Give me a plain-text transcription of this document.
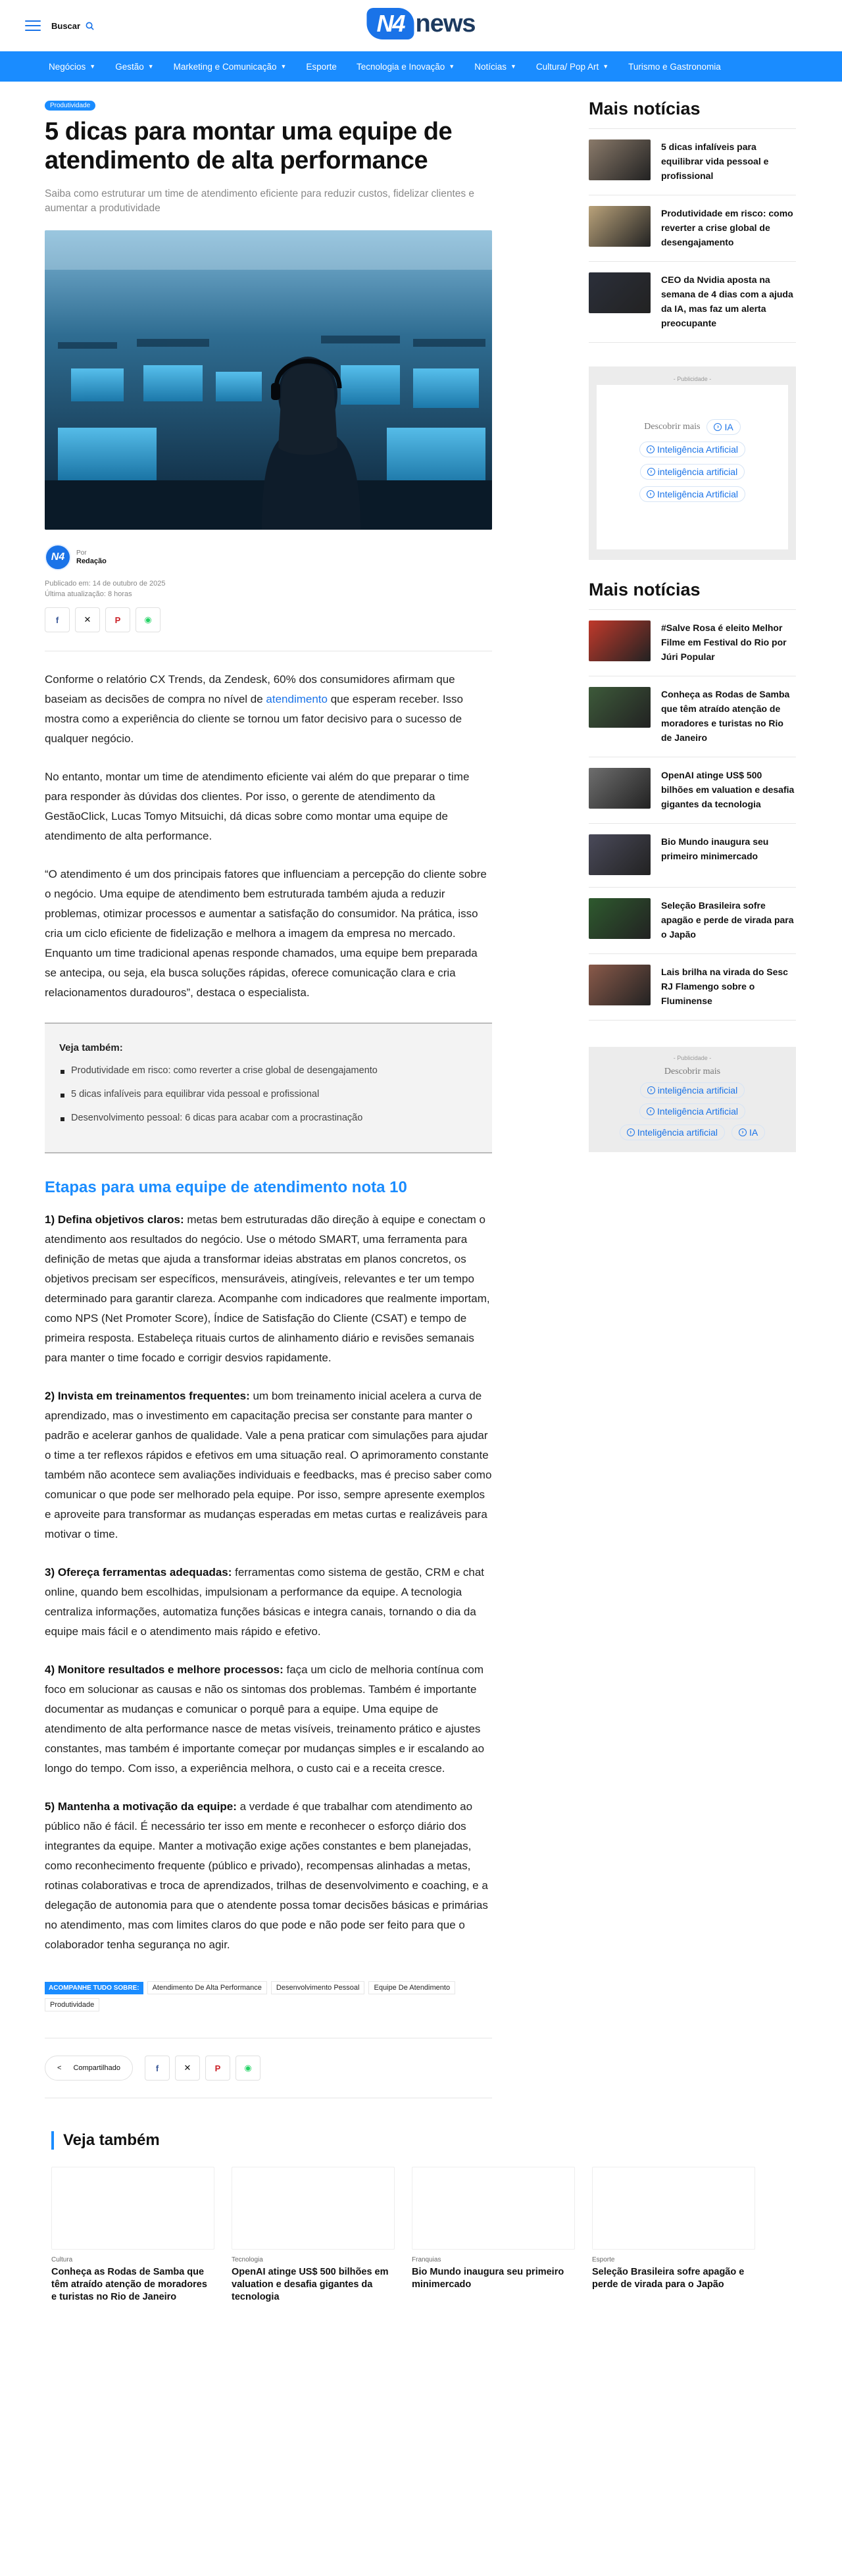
Buscar	N4 news
Negócios ▼ Gestão ▼ Marketing e Comunicação ▼ Esporte Tecnologia e Inovação ▼ Notícias ▼ Cultura/ Pop Art ▼ Turismo e Gastronomia
Produtividade
5 dicas para montar uma equipe de atendimento de alta performance

Saiba como estruturar um time de atendimento eficiente para reduzir custos, fidelizar clientes e aumentar a produtividade

N4	Por
Redação
Publicado em: 14 de outubro de 2025
Última atualização: 8 horas
f	✕	P	◉

Conforme o relatório CX Trends, da Zendesk, 60% dos consumidores afirmam que baseiam as decisões de compra no nível de atendimento que esperam receber. Isso mostra como a experiência do cliente se tornou um fator decisivo para o sucesso de qualquer negócio.

No entanto, montar um time de atendimento eficiente vai além do que preparar o time para responder às dúvidas dos clientes. Por isso, o gerente de atendimento da GestãoClick, Lucas Tomyo Mitsuichi, dá dicas sobre como montar uma equipe de atendimento de alta performance.

“O atendimento é um dos principais fatores que influenciam a percepção do cliente sobre o negócio. Uma equipe de atendimento bem estruturada também ajuda a reduzir problemas, otimizar processos e aumentar a satisfação do consumidor. Na prática, isso cria um ciclo eficiente de fidelização e melhora a imagem da empresa no mercado. Enquanto um time tradicional apenas responde chamados, uma equipe bem preparada se antecipa, ou seja, ela busca soluções rápidas, oferece comunicação clara e cria relacionamentos duradouros”, destaca o especialista.

Veja também:
Produtividade em risco: como reverter a crise global de desengajamento
5 dicas infalíveis para equilibrar vida pessoal e profissional
Desenvolvimento pessoal: 6 dicas para acabar com a procrastinação
Etapas para uma equipe de atendimento nota 10

1) Defina objetivos claros: metas bem estruturadas dão direção à equipe e conectam o atendimento aos resultados do negócio. Use o método SMART, uma ferramenta para definição de metas que ajuda a transformar ideias abstratas em planos concretos, os objetivos precisam ser específicos, mensuráveis, atingíveis, relevantes e ter um tempo determinado para garantir clareza. Acompanhe com indicadores que realmente importam, como NPS (Net Promoter Score), Índice de Satisfação do Cliente (CSAT) e tempo de primeira resposta. Estabeleça rituais curtos de alinhamento diário e revisões semanais para manter o time focado e corrigir desvios rapidamente.

2) Invista em treinamentos frequentes: um bom treinamento inicial acelera a curva de aprendizado, mas o investimento em capacitação precisa ser constante para manter o padrão e acelerar ganhos de qualidade. Vale a pena praticar com simulações para ajudar o time a ter reflexos rápidos e efetivos em uma situação real. O aprimoramento constante também não acontece sem avaliações individuais e feedbacks, mas é preciso saber como comunicar o que pode ser melhorado pela equipe. Por isso, sempre apresente exemplos e aproveite para transformar as mudanças esperadas em metas curtas e realizáveis para motivar o time.

3) Ofereça ferramentas adequadas: ferramentas como sistema de gestão, CRM e chat online, quando bem escolhidas, impulsionam a performance da equipe. A tecnologia centraliza informações, automatiza funções básicas e integra canais, tornando o dia da equipe mais fácil e o atendimento mais rápido e efetivo.

4) Monitore resultados e melhore processos: faça um ciclo de melhoria contínua com foco em solucionar as causas e não os sintomas dos problemas. Também é importante documentar as mudanças e comunicar o porquê para a equipe. Uma equipe de atendimento de alta performance nasce de metas visíveis, treinamento prático e ajustes constantes, mas também é importante começar por mudanças simples e ir escalando ao longo do tempo. Com isso, a experiência melhora, o custo cai e a receita cresce.

5) Mantenha a motivação da equipe: a verdade é que trabalhar com atendimento ao público não é fácil. É necessário ter isso em mente e reconhecer o esforço diário dos integrantes da equipe. Manter a motivação exige ações constantes e bem planejadas, como reconhecimento frequente (público e privado), recompensas alinhadas a metas, rotinas colaborativas e troca de aprendizados, trilhas de desenvolvimento e coaching, e a delegação de autonomia para que o atendente possa tomar decisões básicas e primárias no atendimento, mas com limites claros do que pode e não pode ser feito para que o colaborador tenha segurança no agir.

ACOMPANHE TUDO SOBRE:	Atendimento De Alta Performance	Desenvolvimento Pessoal	Equipe De Atendimento
Produtividade
< Compartilhado	f	✕	P	◉
Mais notícias
5 dicas infalíveis para equilibrar vida pessoal e profissional
Produtividade em risco: como reverter a crise global de desengajamento
CEO da Nvidia aposta na semana de 4 dias com a ajuda da IA, mas faz um alerta preocupante
- Publicidade -
Descobrir mais	› IA
› Inteligência Artificial
› inteligência artificial
› Inteligência Artificial
Mais notícias
#Salve Rosa é eleito Melhor Filme em Festival do Rio por Júri Popular
Conheça as Rodas de Samba que têm atraído atenção de moradores e turistas no Rio de Janeiro
OpenAI atinge US$ 500 bilhões em valuation e desafia gigantes da tecnologia
Bio Mundo inaugura seu primeiro minimercado
Seleção Brasileira sofre apagão e perde de virada para o Japão
Lais brilha na virada do Sesc RJ Flamengo sobre o Fluminense
- Publicidade -
Descobrir mais
› inteligência artificial
› Inteligência Artificial
› Inteligência artificial	› IA
Veja também
Cultura
Conheça as Rodas de Samba que têm atraído atenção de moradores e turistas no Rio de Janeiro
Tecnologia
OpenAI atinge US$ 500 bilhões em valuation e desafia gigantes da tecnologia
Franquias
Bio Mundo inaugura seu primeiro minimercado
Esporte
Seleção Brasileira sofre apagão e perde de virada para o Japão
